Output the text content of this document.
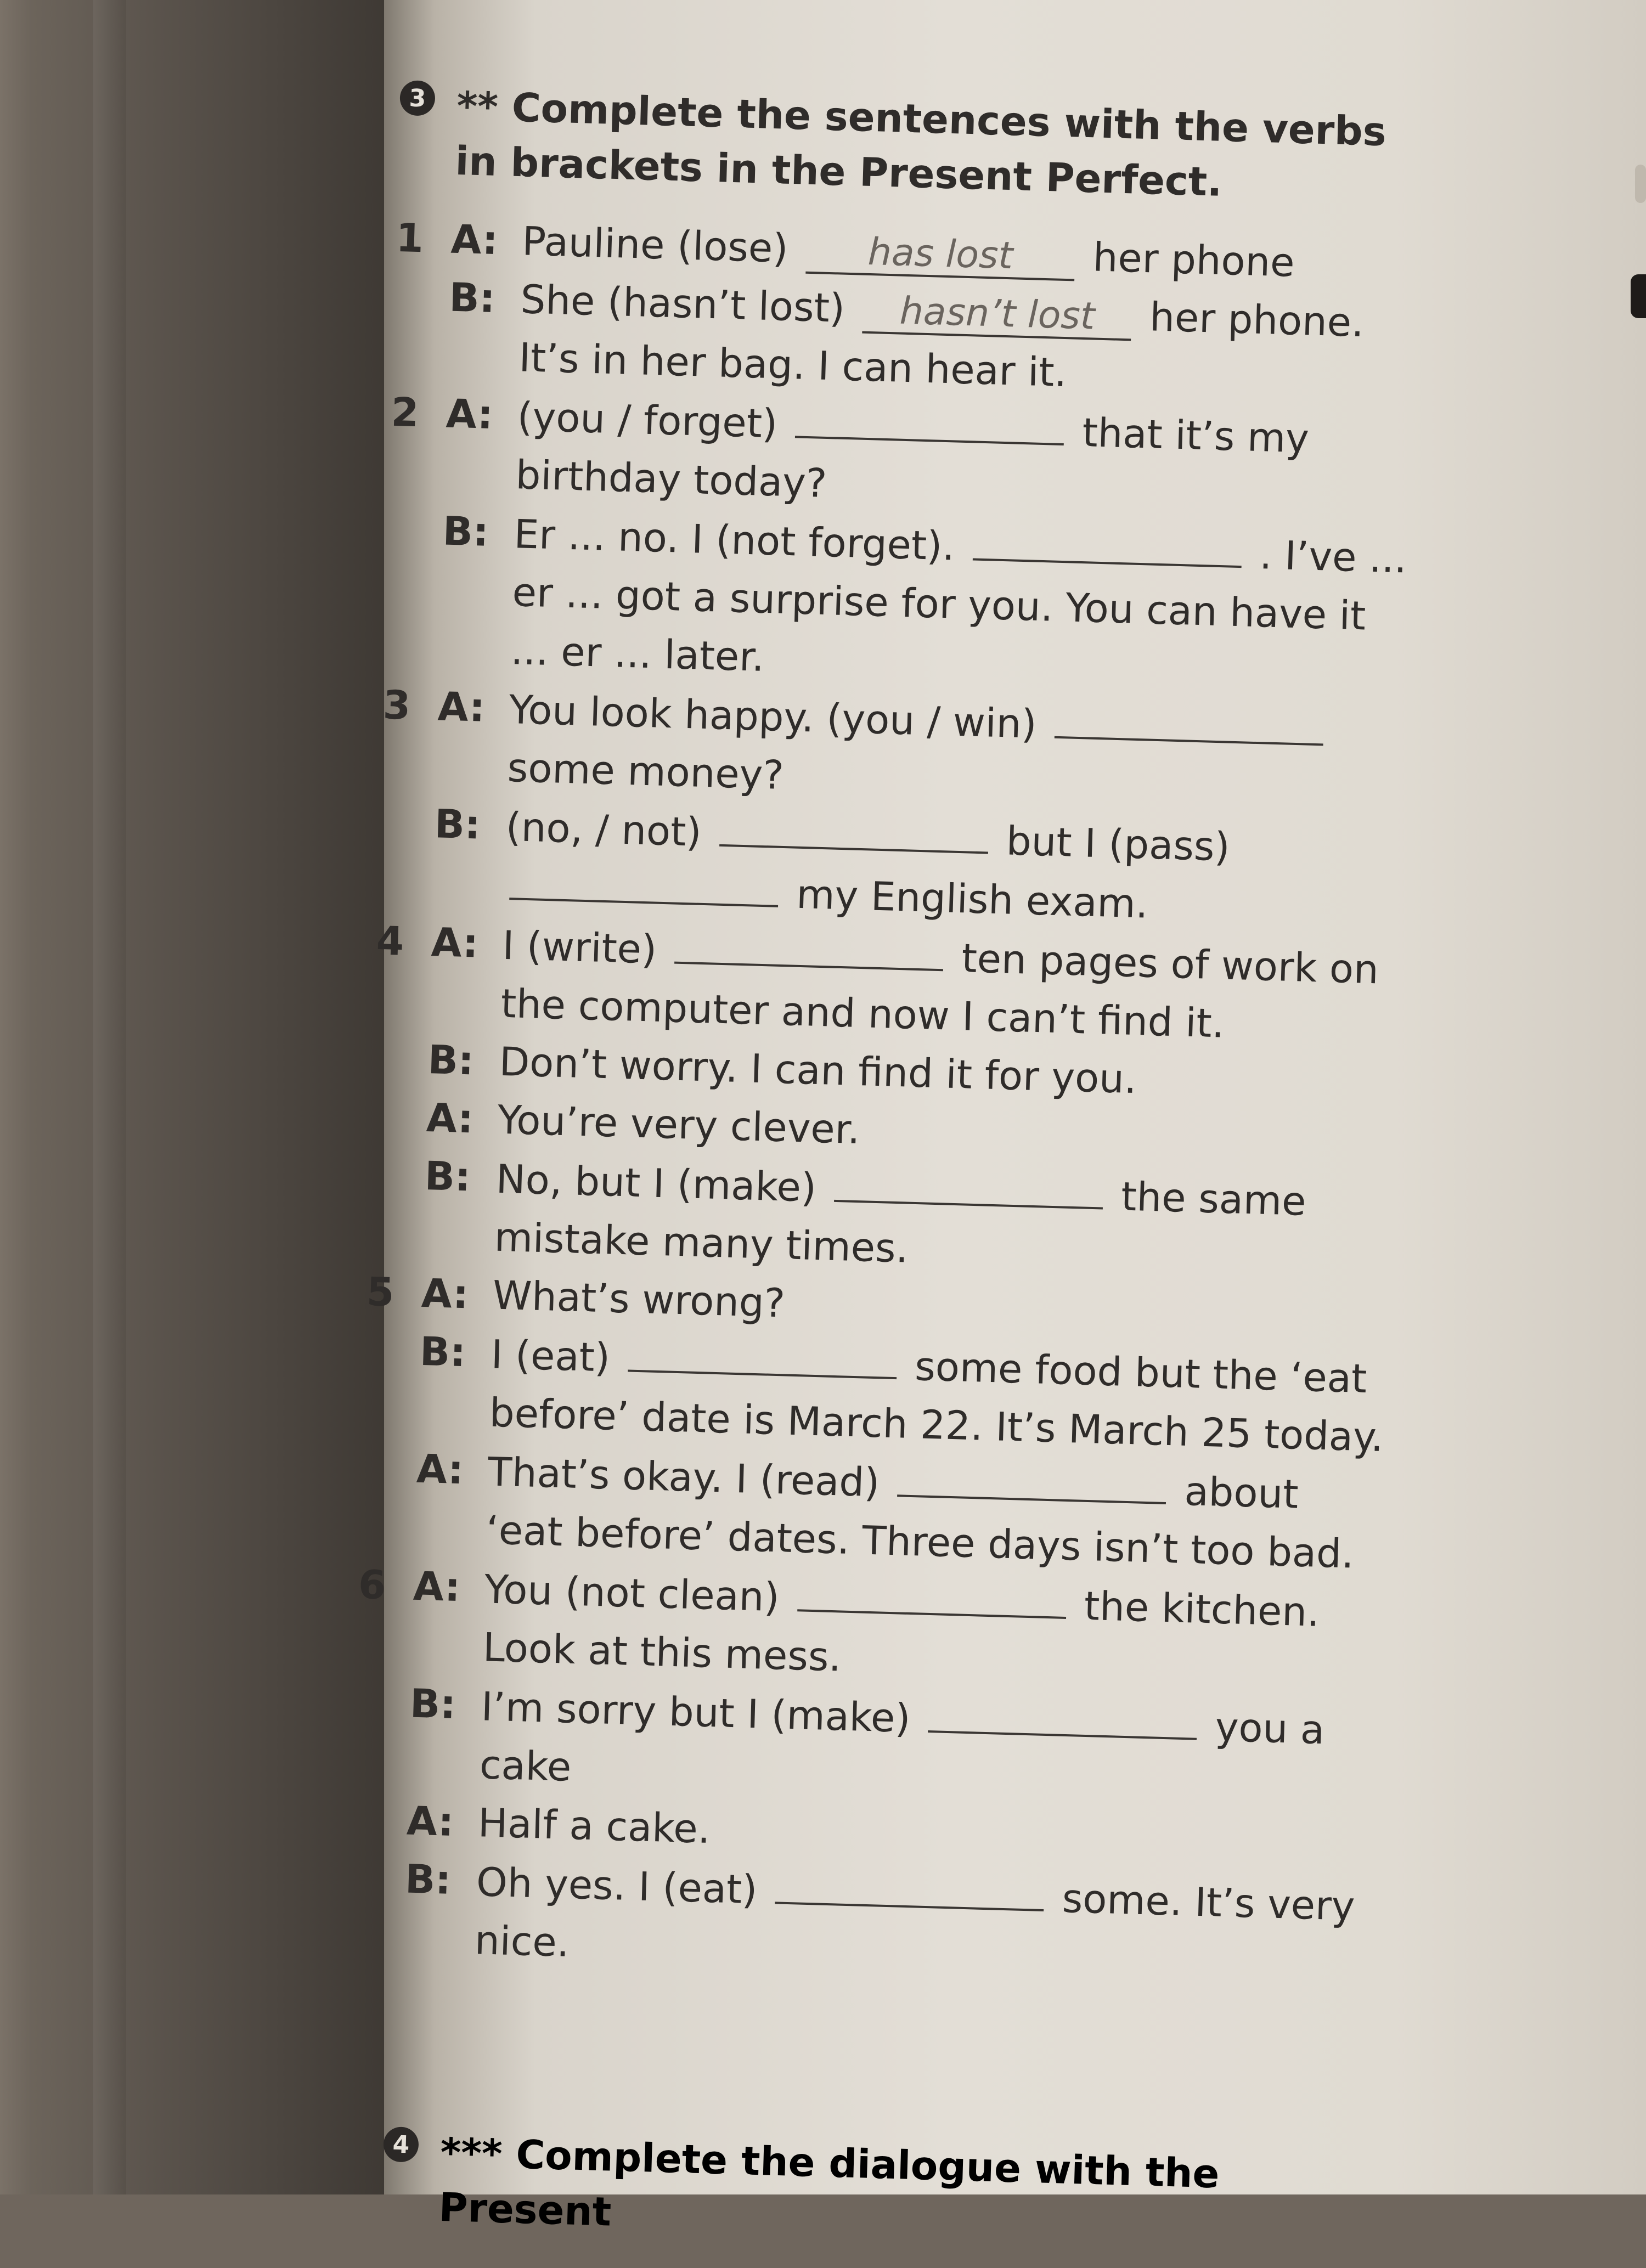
3 ** Complete the sentences with the verbs in brackets in the Present Perfect.
1 A: Pauline (lose) has lost her phone
B: She (hasn’t lost) hasn’t lost her phone. It’s in her bag. I can hear it.
2 A: (you / forget)	that it’s my birthday today?
B: Er ... no. I (not forget).	. I’ve ... er ... got a surprise for you. You can have it ... er ... later.
3 A: You look happy. (you / win)  some money?
B: (no, / not)	but I (pass)  my English exam.
4 A: I (write)	ten pages of work on the computer and now I can’t find it.
B: Don’t worry. I can find it for you.
A: You’re very clever.
B: No, but I (make)	the same mistake many times.
5 A: What’s wrong?
B: I (eat)	some food but the ‘eat before’ date is March 22. It’s March 25 today.
A: That’s okay. I (read)	about ‘eat before’ dates. Three days isn’t too bad.
6 A: You (not clean)	the kitchen. Look at this mess.
B: I’m sorry but I (make)	you a cake
A: Half a cake.
B: Oh yes. I (eat)	some. It’s very nice.
4 *** Complete the dialogue with the Present
